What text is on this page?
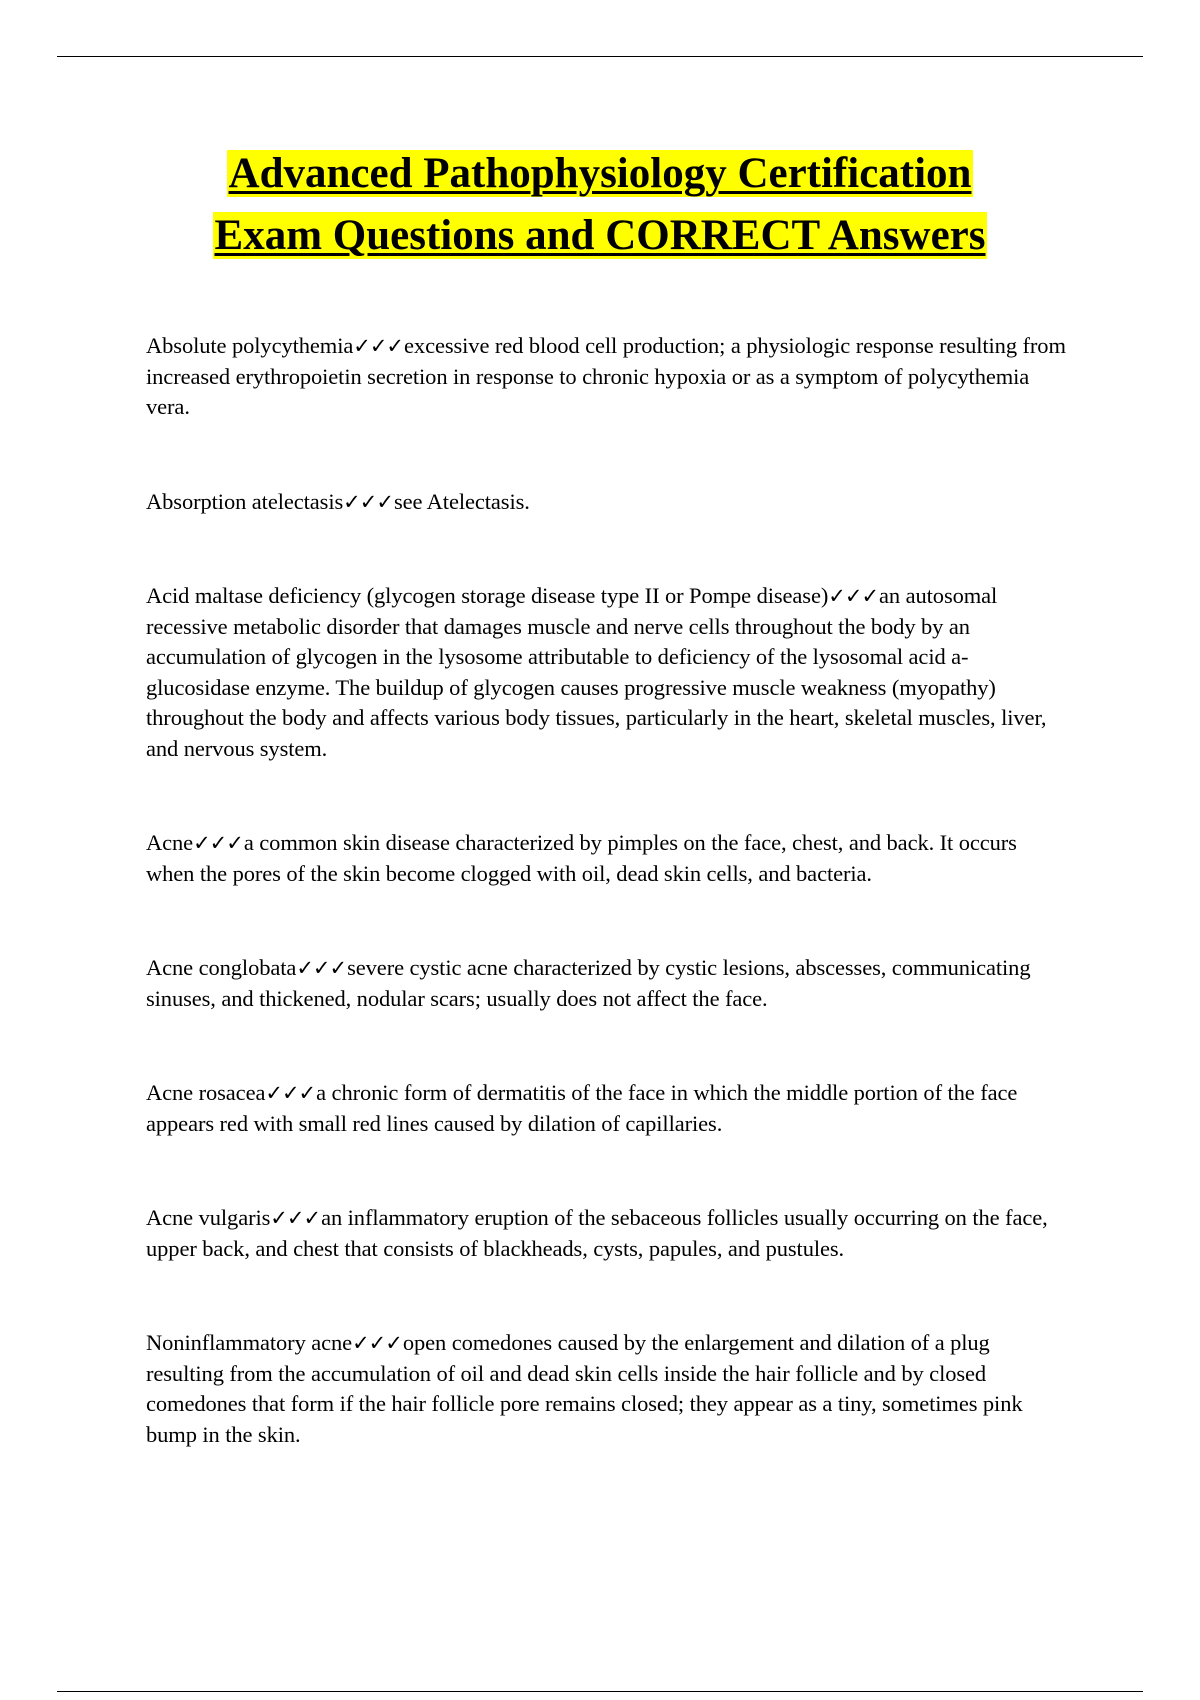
Advanced Pathophysiology Certification
Exam Questions and CORRECT Answers

Absolute polycythemia✓✓✓excessive red blood cell production; a physiologic response resulting from increased erythropoietin secretion in response to chronic hypoxia or as a symptom of polycythemia vera.

Absorption atelectasis✓✓✓see Atelectasis.

Acid maltase deficiency (glycogen storage disease type II or Pompe disease)✓✓✓an autosomal recessive metabolic disorder that damages muscle and nerve cells throughout the body by an accumulation of glycogen in the lysosome attributable to deficiency of the lysosomal acid a-glucosidase enzyme. The buildup of glycogen causes progressive muscle weakness (myopathy) throughout the body and affects various body tissues, particularly in the heart, skeletal muscles, liver, and nervous system.

Acne✓✓✓a common skin disease characterized by pimples on the face, chest, and back. It occurs when the pores of the skin become clogged with oil, dead skin cells, and bacteria.

Acne conglobata✓✓✓severe cystic acne characterized by cystic lesions, abscesses, communicating sinuses, and thickened, nodular scars; usually does not affect the face.

Acne rosacea✓✓✓a chronic form of dermatitis of the face in which the middle portion of the face appears red with small red lines caused by dilation of capillaries.

Acne vulgaris✓✓✓an inflammatory eruption of the sebaceous follicles usually occurring on the face, upper back, and chest that consists of blackheads, cysts, papules, and pustules.

Noninflammatory acne✓✓✓open comedones caused by the enlargement and dilation of a plug resulting from the accumulation of oil and dead skin cells inside the hair follicle and by closed comedones that form if the hair follicle pore remains closed; they appear as a tiny, sometimes pink bump in the skin.
